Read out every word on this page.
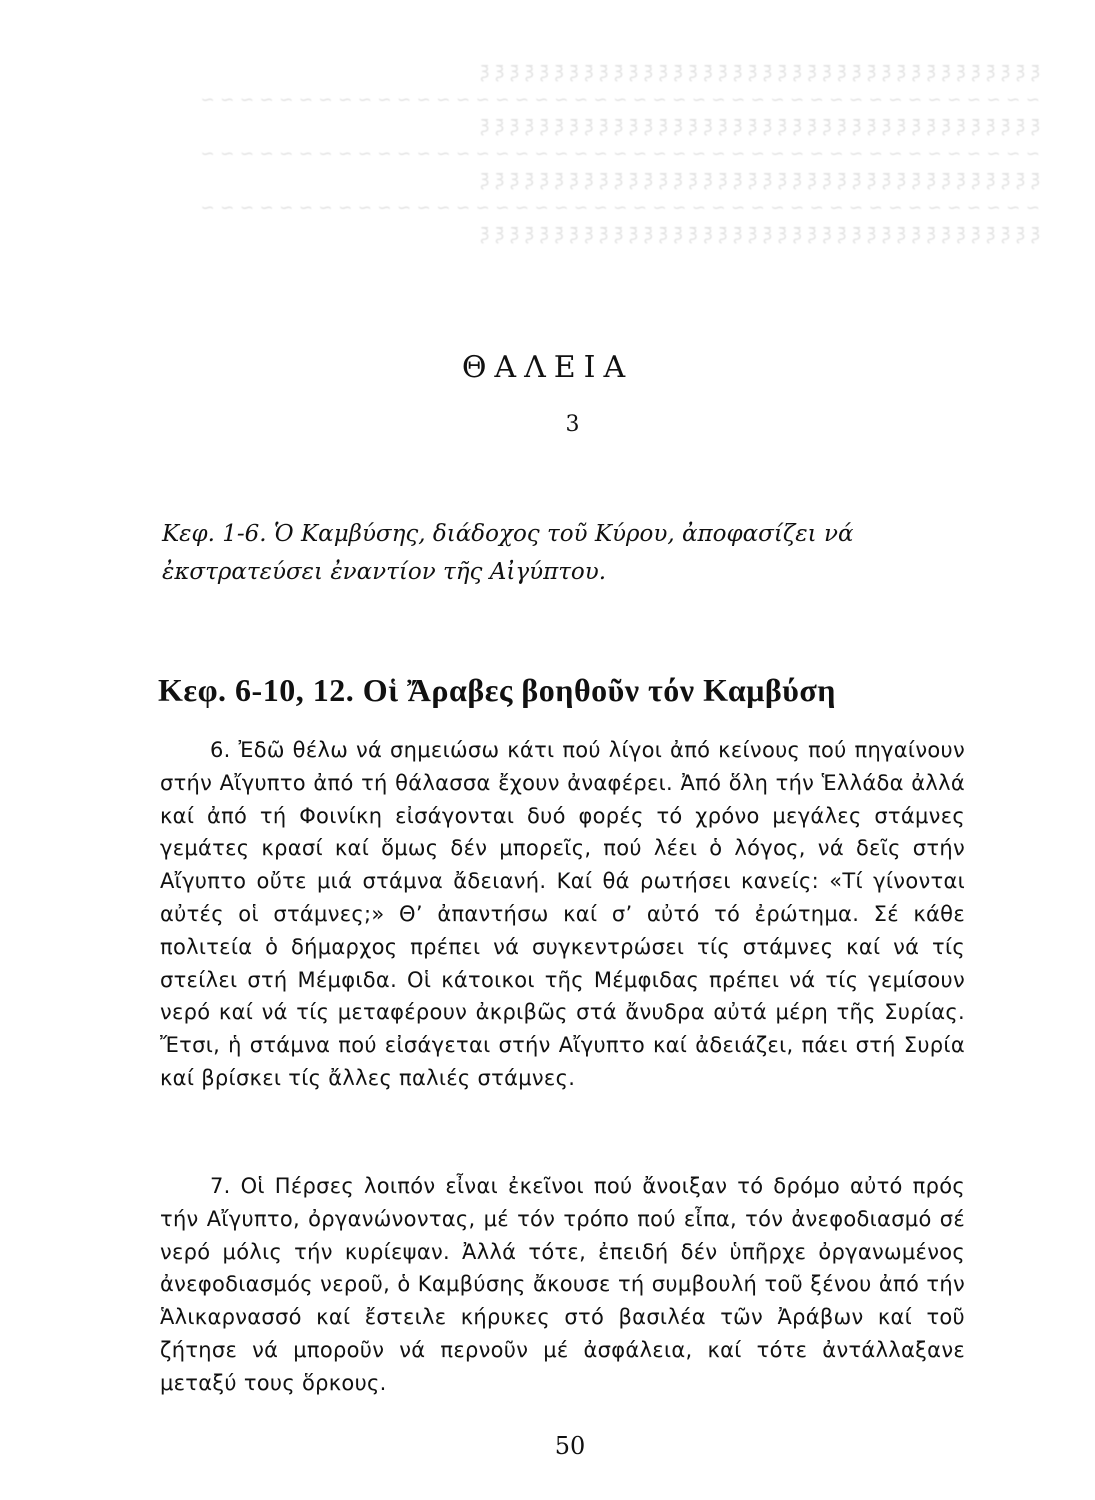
ξ ξ ξ ξ ξ ξ ξ ξ ξ ξ ξ ξ ξ ξ ξ ξ ξ ξ ξ ξ ξ ξ ξ ξ ξ ξ ξ ξ ξ ξ ξ ξ ξ ξ ξ ξ ξ ξ
~ ~ ~ ~ ~ ~ ~ ~ ~ ~ ~ ~ ~ ~ ~ ~ ~ ~ ~ ~ ~ ~ ~ ~ ~ ~ ~ ~ ~ ~ ~ ~ ~ ~ ~ ~ ~ ~ ~ ~ ~ ~ ~
ξ ξ ξ ξ ξ ξ ξ ξ ξ ξ ξ ξ ξ ξ ξ ξ ξ ξ ξ ξ ξ ξ ξ ξ ξ ξ ξ ξ ξ ξ ξ ξ ξ ξ ξ ξ ξ ξ
~ ~ ~ ~ ~ ~ ~ ~ ~ ~ ~ ~ ~ ~ ~ ~ ~ ~ ~ ~ ~ ~ ~ ~ ~ ~ ~ ~ ~ ~ ~ ~ ~ ~ ~ ~ ~ ~ ~ ~ ~ ~ ~
ξ ξ ξ ξ ξ ξ ξ ξ ξ ξ ξ ξ ξ ξ ξ ξ ξ ξ ξ ξ ξ ξ ξ ξ ξ ξ ξ ξ ξ ξ ξ ξ ξ ξ ξ ξ ξ ξ
~ ~ ~ ~ ~ ~ ~ ~ ~ ~ ~ ~ ~ ~ ~ ~ ~ ~ ~ ~ ~ ~ ~ ~ ~ ~ ~ ~ ~ ~ ~ ~ ~ ~ ~ ~ ~ ~ ~ ~ ~ ~ ~
ξ ξ ξ ξ ξ ξ ξ ξ ξ ξ ξ ξ ξ ξ ξ ξ ξ ξ ξ ξ ξ ξ ξ ξ ξ ξ ξ ξ ξ ξ ξ ξ ξ ξ ξ ξ ξ ξ
ΘΑΛΕΙΑ
3
Κεφ. 1-6. Ὁ Καμβύσης, διάδοχος τοῦ Κύρου, ἀποφασίζει νά ἐκστρατεύσει ἐναντίον τῆς Αἰγύπτου.
Κεφ. 6-10, 12. Οἱ Ἄραβες βοηθοῦν τόν Καμβύση

6. Ἐδῶ θέλω νά σημειώσω κάτι πού λίγοι ἀπό κείνους πού πηγαίνουν στήν Αἴγυπτο ἀπό τή θάλασσα ἔχουν ἀναφέρει. Ἀπό ὅλη τήν Ἑλλάδα ἀλλά καί ἀπό τή Φοινίκη εἰσάγονται δυό φορές τό χρόνο μεγάλες στάμνες γεμάτες κρασί καί ὅμως δέν μπορεῖς, πού λέει ὁ λόγος, νά δεῖς στήν Αἴγυπτο οὔτε μιά στάμνα ἄδειανή. Καί θά ρωτήσει κανείς: «Τί γίνονται αὐτές οἱ στάμνες;» Θ’ ἀπαντήσω καί σ’ αὐτό τό ἐρώτημα. Σέ κάθε πολιτεία ὁ δήμαρχος πρέπει νά συγκεντρώσει τίς στάμνες καί νά τίς στείλει στή Μέμφιδα. Οἱ κάτοικοι τῆς Μέμφιδας πρέπει νά τίς γεμίσουν νερό καί νά τίς μεταφέρουν ἀκριβῶς στά ἄνυδρα αὐτά μέρη τῆς Συρίας. Ἔτσι, ἡ στάμνα πού εἰσάγεται στήν Αἴγυπτο καί ἀδειάζει, πάει στή Συρία καί βρίσκει τίς ἄλλες παλιές στάμνες.

7. Οἱ Πέρσες λοιπόν εἶναι ἐκεῖνοι πού ἄνοιξαν τό δρόμο αὐτό πρός τήν Αἴγυπτο, ὀργανώνοντας, μέ τόν τρόπο πού εἶπα, τόν ἀνεφοδιασμό σέ νερό μόλις τήν κυρίεψαν. Ἀλλά τότε, ἐπειδή δέν ὑπῆρχε ὀργανωμένος ἀνεφοδιασμός νεροῦ, ὁ Καμβύσης ἄκουσε τή συμβουλή τοῦ ξένου ἀπό τήν Ἁλικαρνασσό καί ἔστειλε κήρυκες στό βασιλέα τῶν Ἀράβων καί τοῦ ζήτησε νά μποροῦν νά περνοῦν μέ ἀσφάλεια, καί τότε ἀντάλλαξανε μεταξύ τους ὅρκους.

50
